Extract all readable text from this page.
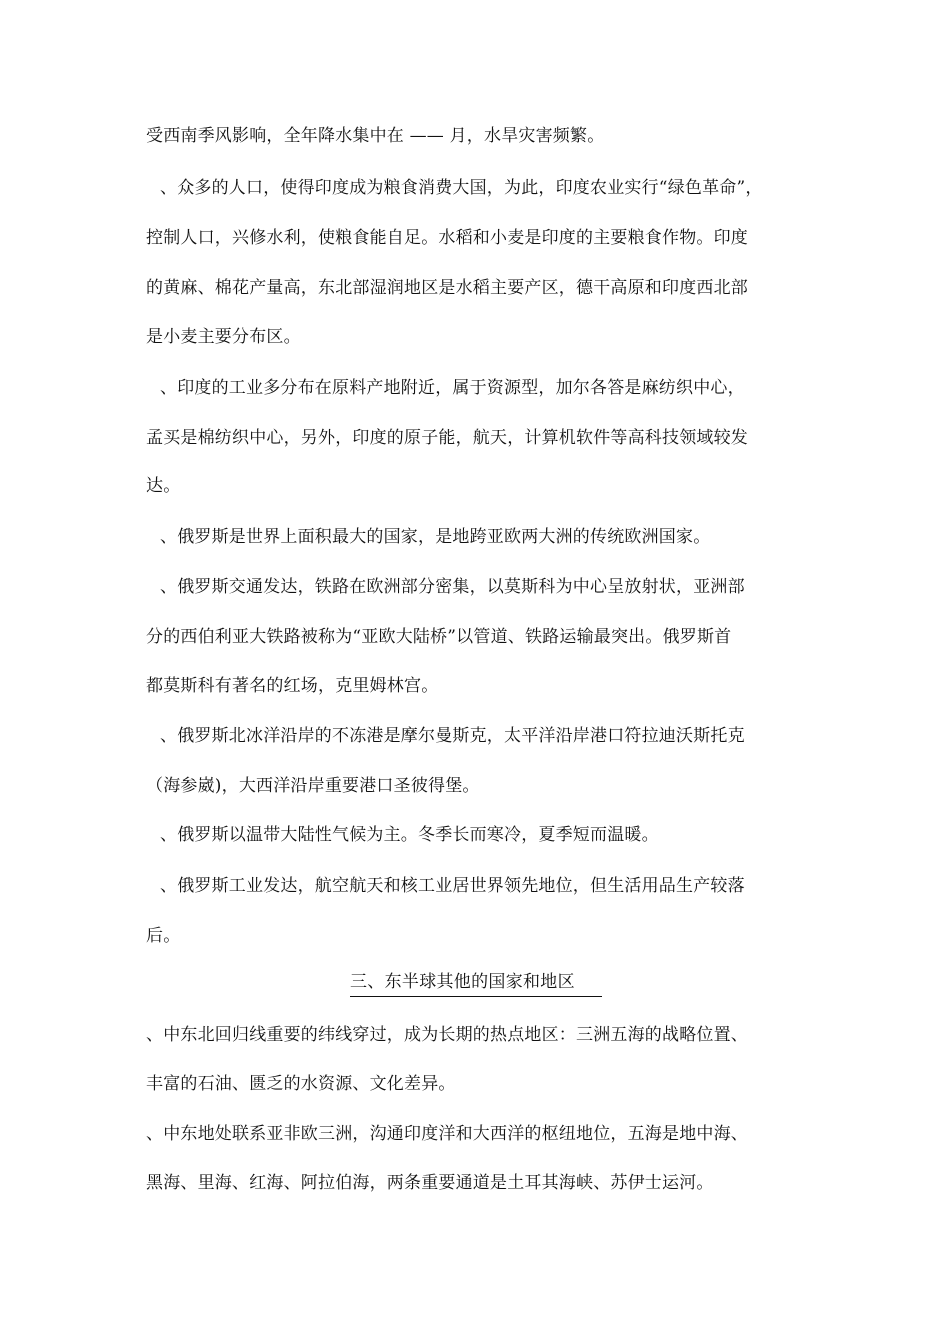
受西南季风影响，全年降水集中在 —— 月，水旱灾害频繁。
、众多的人口，使得印度成为粮食消费大国，为此，印度农业实行“绿色革命”，
控制人口，兴修水利，使粮食能自足。水稻和小麦是印度的主要粮食作物。印度
的黄麻、棉花产量高，东北部湿润地区是水稻主要产区，德干高原和印度西北部
是小麦主要分布区。
、印度的工业多分布在原料产地附近，属于资源型，加尔各答是麻纺织中心，
孟买是棉纺织中心，另外，印度的原子能，航天，计算机软件等高科技领域较发
达。
、俄罗斯是世界上面积最大的国家，是地跨亚欧两大洲的传统欧洲国家。
、俄罗斯交通发达，铁路在欧洲部分密集，以莫斯科为中心呈放射状，亚洲部
分的西伯利亚大铁路被称为“亚欧大陆桥”以管道、铁路运输最突出。俄罗斯首
都莫斯科有著名的红场，克里姆林宫。
、俄罗斯北冰洋沿岸的不冻港是摩尔曼斯克，太平洋沿岸港口符拉迪沃斯托克
（海参崴)，大西洋沿岸重要港口圣彼得堡。
、俄罗斯以温带大陆性气候为主。冬季长而寒冷，夏季短而温暖。
、俄罗斯工业发达，航空航天和核工业居世界领先地位，但生活用品生产较落
后。
三、东半球其他的国家和地区
、中东北回归线重要的纬线穿过，成为长期的热点地区：三洲五海的战略位置、
丰富的石油、匮乏的水资源、文化差异。
、中东地处联系亚非欧三洲，沟通印度洋和大西洋的枢纽地位，五海是地中海、
黑海、里海、红海、阿拉伯海，两条重要通道是土耳其海峡、苏伊士运河。
